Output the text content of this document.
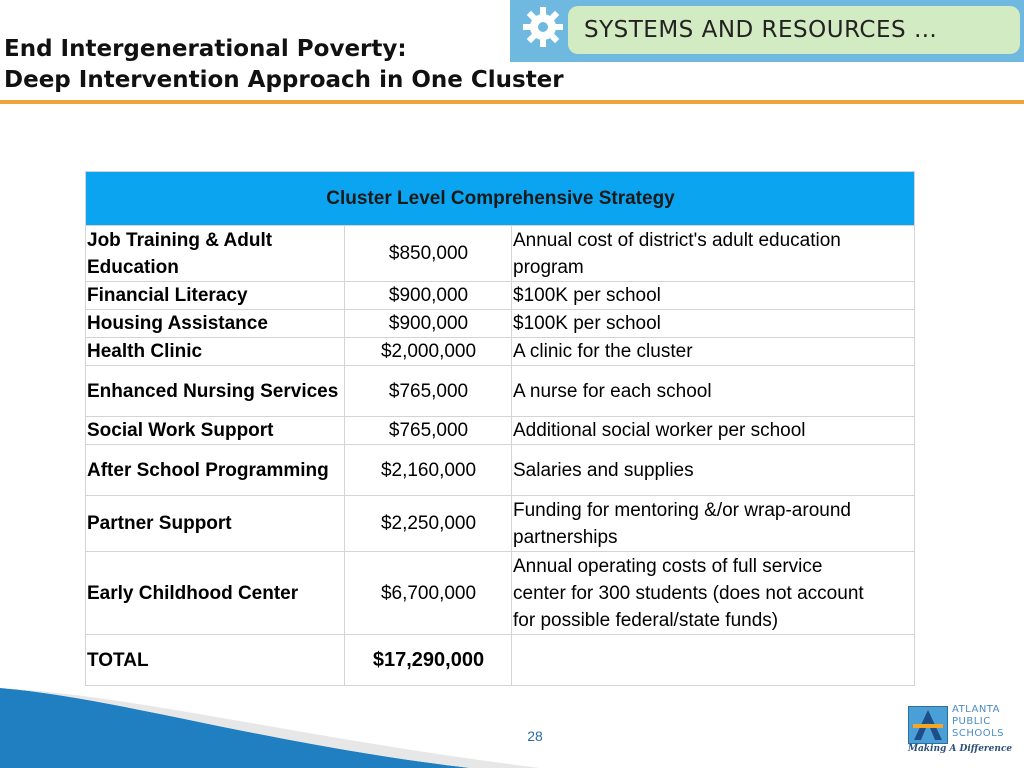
End Intergenerational Poverty:
Deep Intervention Approach in One Cluster
SYSTEMS AND RESOURCES …
Cluster Level Comprehensive Strategy		
Job Training & Adult
Education	$850,000	Annual cost of district's adult education
program
Financial Literacy	$900,000	$100K per school
Housing Assistance	$900,000	$100K per school
Health Clinic	$2,000,000	A clinic for the cluster
Enhanced Nursing Services	$765,000	A nurse for each school
Social Work Support	$765,000	Additional social worker per school
After School Programming	$2,160,000	Salaries and supplies
Partner Support	$2,250,000	Funding for mentoring &/or wrap-around
partnerships
Early Childhood Center	$6,700,000	Annual operating costs of full service
center for 300 students (does not account
for possible federal/state funds)
TOTAL	$17,290,000	
28
ATLANTA
PUBLIC
SCHOOLS
Making A Difference
